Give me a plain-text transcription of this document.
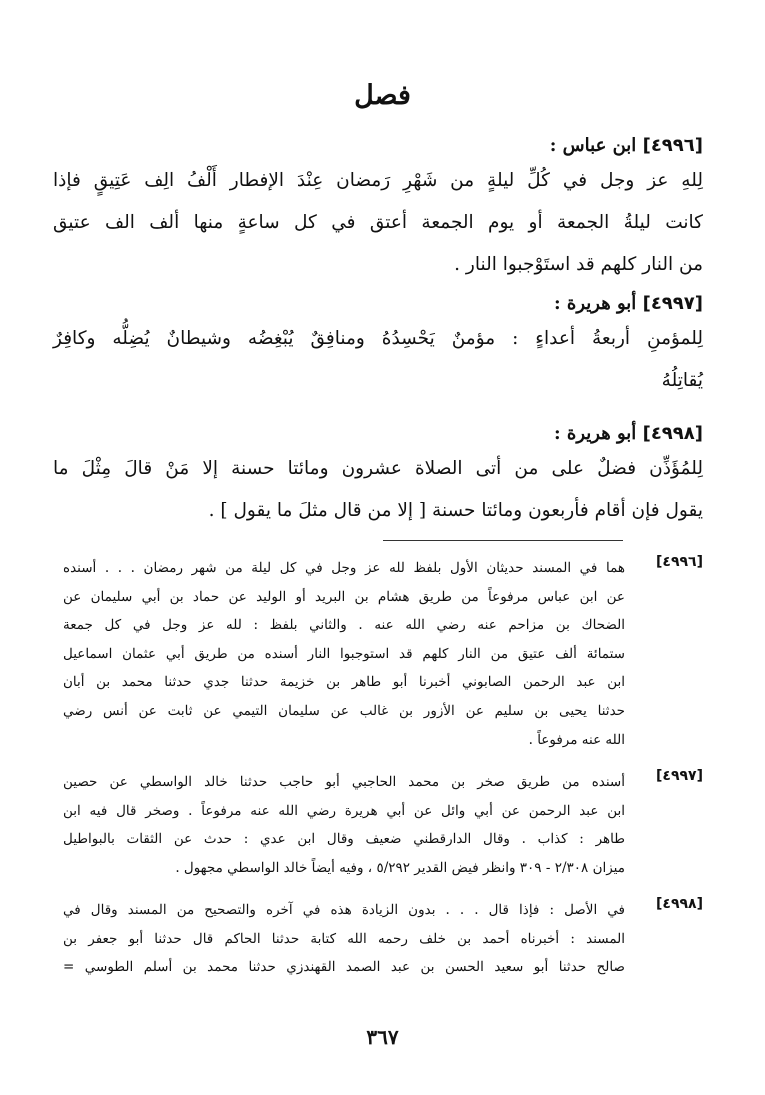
فصل
[٤٩٩٦] ابن عباس :
لِلهِ عز وجل في كُلِّ ليلةٍ من شَهْرِ رَمضان عِنْدَ الإفطار أَلْفُ الِف عَتِيقٍ فإذا
كانت ليلةُ الجمعة أو يوم الجمعة أعتق في كل ساعةٍ منها ألف الف عتيق
من النار كلهم قد استَوْجبوا النار .
[٤٩٩٧] أبو هريرة :
لِلمؤمنِ أربعةُ أعداءٍ : مؤمنٌ يَحْسِدُهُ ومنافِقٌ يُبْغِضُه وشيطانٌ يُضِلُّه وكافِرٌ
يُقاتِلُهُ
[٤٩٩٨] أبو هريرة :
لِلمُؤَذِّن فضلٌ على من أتى الصلاة عشرون ومائتا حسنة إلا مَنْ قالَ مِثْلَ ما
يقول فإن أقام فأربعون ومائتا حسنة [ إلا من قال مثلَ ما يقول ] .
[٤٩٩٦]
هما في المسند حديثان الأول بلفظ لله عز وجل في كل ليلة من شهر رمضان . . . أسنده
عن ابن عباس مرفوعاً من طريق هشام بن البريد أو الوليد عن حماد بن أبي سليمان عن
الضحاك بن مزاحم عنه رضي الله عنه . والثاني بلفظ : لله عز وجل في كل جمعة
ستمائة ألف عتيق من النار كلهم قد استوجبوا النار أسنده من طريق أبي عثمان اسماعيل
ابن عبد الرحمن الصابوني أخبرنا أبو طاهر بن خزيمة حدثنا جدي حدثنا محمد بن أبان
حدثنا يحيى بن سليم عن الأزور بن غالب عن سليمان التيمي عن ثابت عن أنس رضي
الله عنه مرفوعاً .
[٤٩٩٧]
أسنده من طريق صخر بن محمد الحاجبي أبو حاجب حدثنا خالد الواسطي عن حصين
ابن عبد الرحمن عن أبي وائل عن أبي هريرة رضي الله عنه مرفوعاً . وصخر قال فيه ابن
طاهر : كذاب . وقال الدارقطني ضعيف وقال ابن عدي : حدث عن الثقات بالبواطيل
ميزان ٢/٣٠٨ - ٣٠٩ وانظر فيض القدير ٥/٢٩٢ ، وفيه أيضاً خالد الواسطي مجهول .
[٤٩٩٨]
في الأصل : فإذا قال . . . بدون الزيادة هذه في آخره والتصحيح من المسند وقال في
المسند : أخبرناه أحمد بن خلف رحمه الله كتابة حدثنا الحاكم قال حدثنا أبو جعفر بن
صالح حدثنا أبو سعيد الحسن بن عبد الصمد القهندزي حدثنا محمد بن أسلم الطوسي =
٣٦٧
